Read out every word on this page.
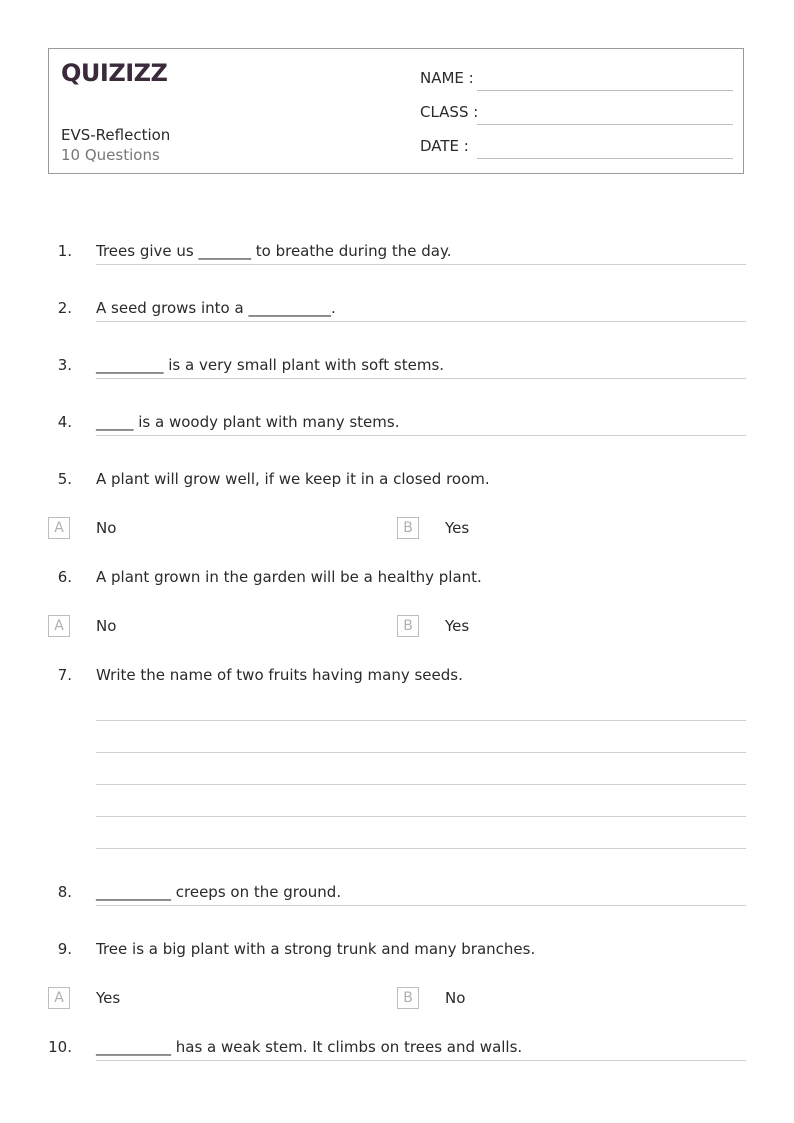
QUIZIZZ
EVS-Reflection
10 Questions
NAME :
CLASS :
DATE :
1. Trees give us _______ to breathe during the day.
2. A seed grows into a ___________.
3. _________ is a very small plant with soft stems.
4. _____ is a woody plant with many stems.
5. A plant will grow well, if we keep it in a closed room.
A	No	B	Yes
6. A plant grown in the garden will be a healthy plant.
A	No	B	Yes
7. Write the name of two fruits having many seeds.
8. __________ creeps on the ground.
9. Tree is a big plant with a strong trunk and many branches.
A	Yes	B	No
10. __________ has a weak stem. It climbs on trees and walls.
